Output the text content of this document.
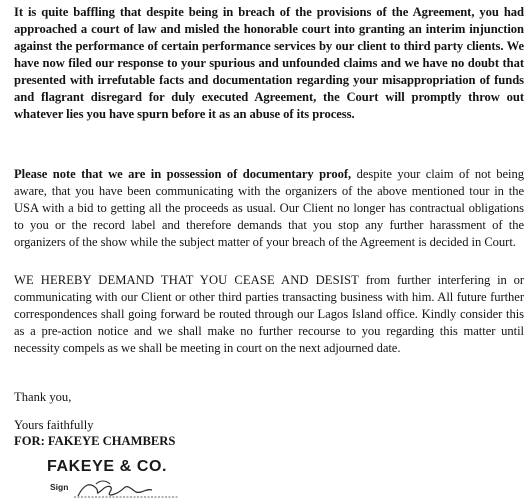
It is quite baffling that despite being in breach of the provisions of the Agreement, you had approached a court of law and misled the honorable court into granting an interim injunction against the performance of certain performance services by our client to third party clients. We have now filed our response to your spurious and unfounded claims and we have no doubt that presented with irrefutable facts and documentation regarding your misappropriation of funds and flagrant disregard for duly executed Agreement, the Court will promptly throw out whatever lies you have spurn before it as an abuse of its process.

Please note that we are in possession of documentary proof, despite your claim of not being aware, that you have been communicating with the organizers of the above mentioned tour in the USA with a bid to getting all the proceeds as usual. Our Client no longer has contractual obligations to you or the record label and therefore demands that you stop any further harassment of the organizers of the show while the subject matter of your breach of the Agreement is decided in Court.

WE HEREBY DEMAND THAT YOU CEASE AND DESIST from further interfering in or communicating with our Client or other third parties transacting business with him. All future further correspondences shall going forward be routed through our Lagos Island office. Kindly consider this as a pre-action notice and we shall make no further recourse to you regarding this matter until necessity compels as we shall be meeting in court on the next adjourned date.

Thank you,
Yours faithfully
FOR: FAKEYE CHAMBERS
FAKEYE & CO.
Sign
